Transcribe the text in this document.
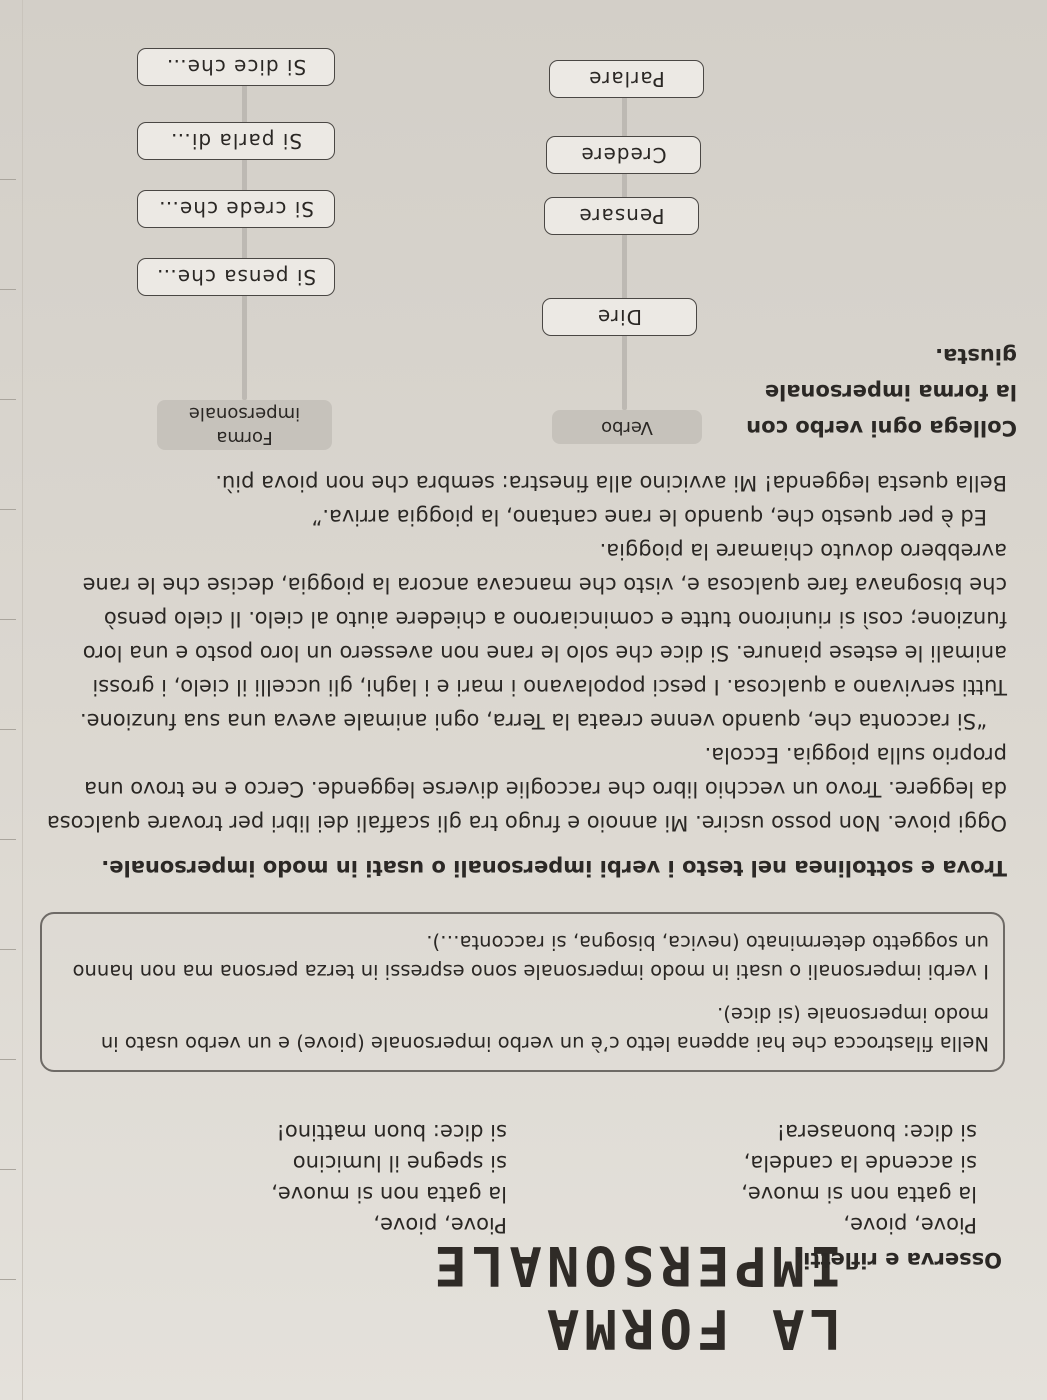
LA FORMA IMPERSONALE
Osserva e rifletti.
Piove, piove,
la gatta non si muove,
si accende la candela,
si dice: buonasera!
Piove, piove,
la gatta non si muove,
si spegne il lumicino
si dice: buon mattino!

Nella filastrocca che hai appena letto c’è un verbo impersonale (piove) e un verbo usato in modo impersonale (si dice).

I verbi impersonali o usati in modo impersonale sono espressi in terza persona ma non hanno un soggetto determinato (nevica, bisogna, si racconta…).

Trova e sottolinea nel testo i verbi impersonali o usati in modo impersonale.
Oggi piove. Non posso uscire. Mi annoio e frugo tra gli scaffali dei libri per trovare qualcosa
da leggere. Trovo un vecchio libro che raccoglie diverse leggende. Cerco e ne trovo una
proprio sulla pioggia. Eccola.
“Si racconta che, quando venne creata la Terra, ogni animale aveva una sua funzione.
Tutti servivano a qualcosa. I pesci popolavano i mari e i laghi, gli uccelli il cielo, i grossi
animali le estese pianure. Si dice che solo le rane non avessero un loro posto e una loro
funzione; così si riunirono tutte e cominciarono a chiedere aiuto al cielo. Il cielo pensò
che bisognava fare qualcosa e, visto che mancava ancora la pioggia, decise che le rane
avrebbero dovuto chiamare la pioggia.
Ed è per questo che, quando le rane cantano, la pioggia arriva.”
Bella questa leggenda! Mi avvicino alla finestra: sembra che non piova più.
Collega ogni verbo con
la forma impersonale
giusta.
Verbo
Forma impersonale
Dire
Pensare
Credere
Parlare
Si pensa che…
Si crede che…
Si parla di…
Si dice che…
